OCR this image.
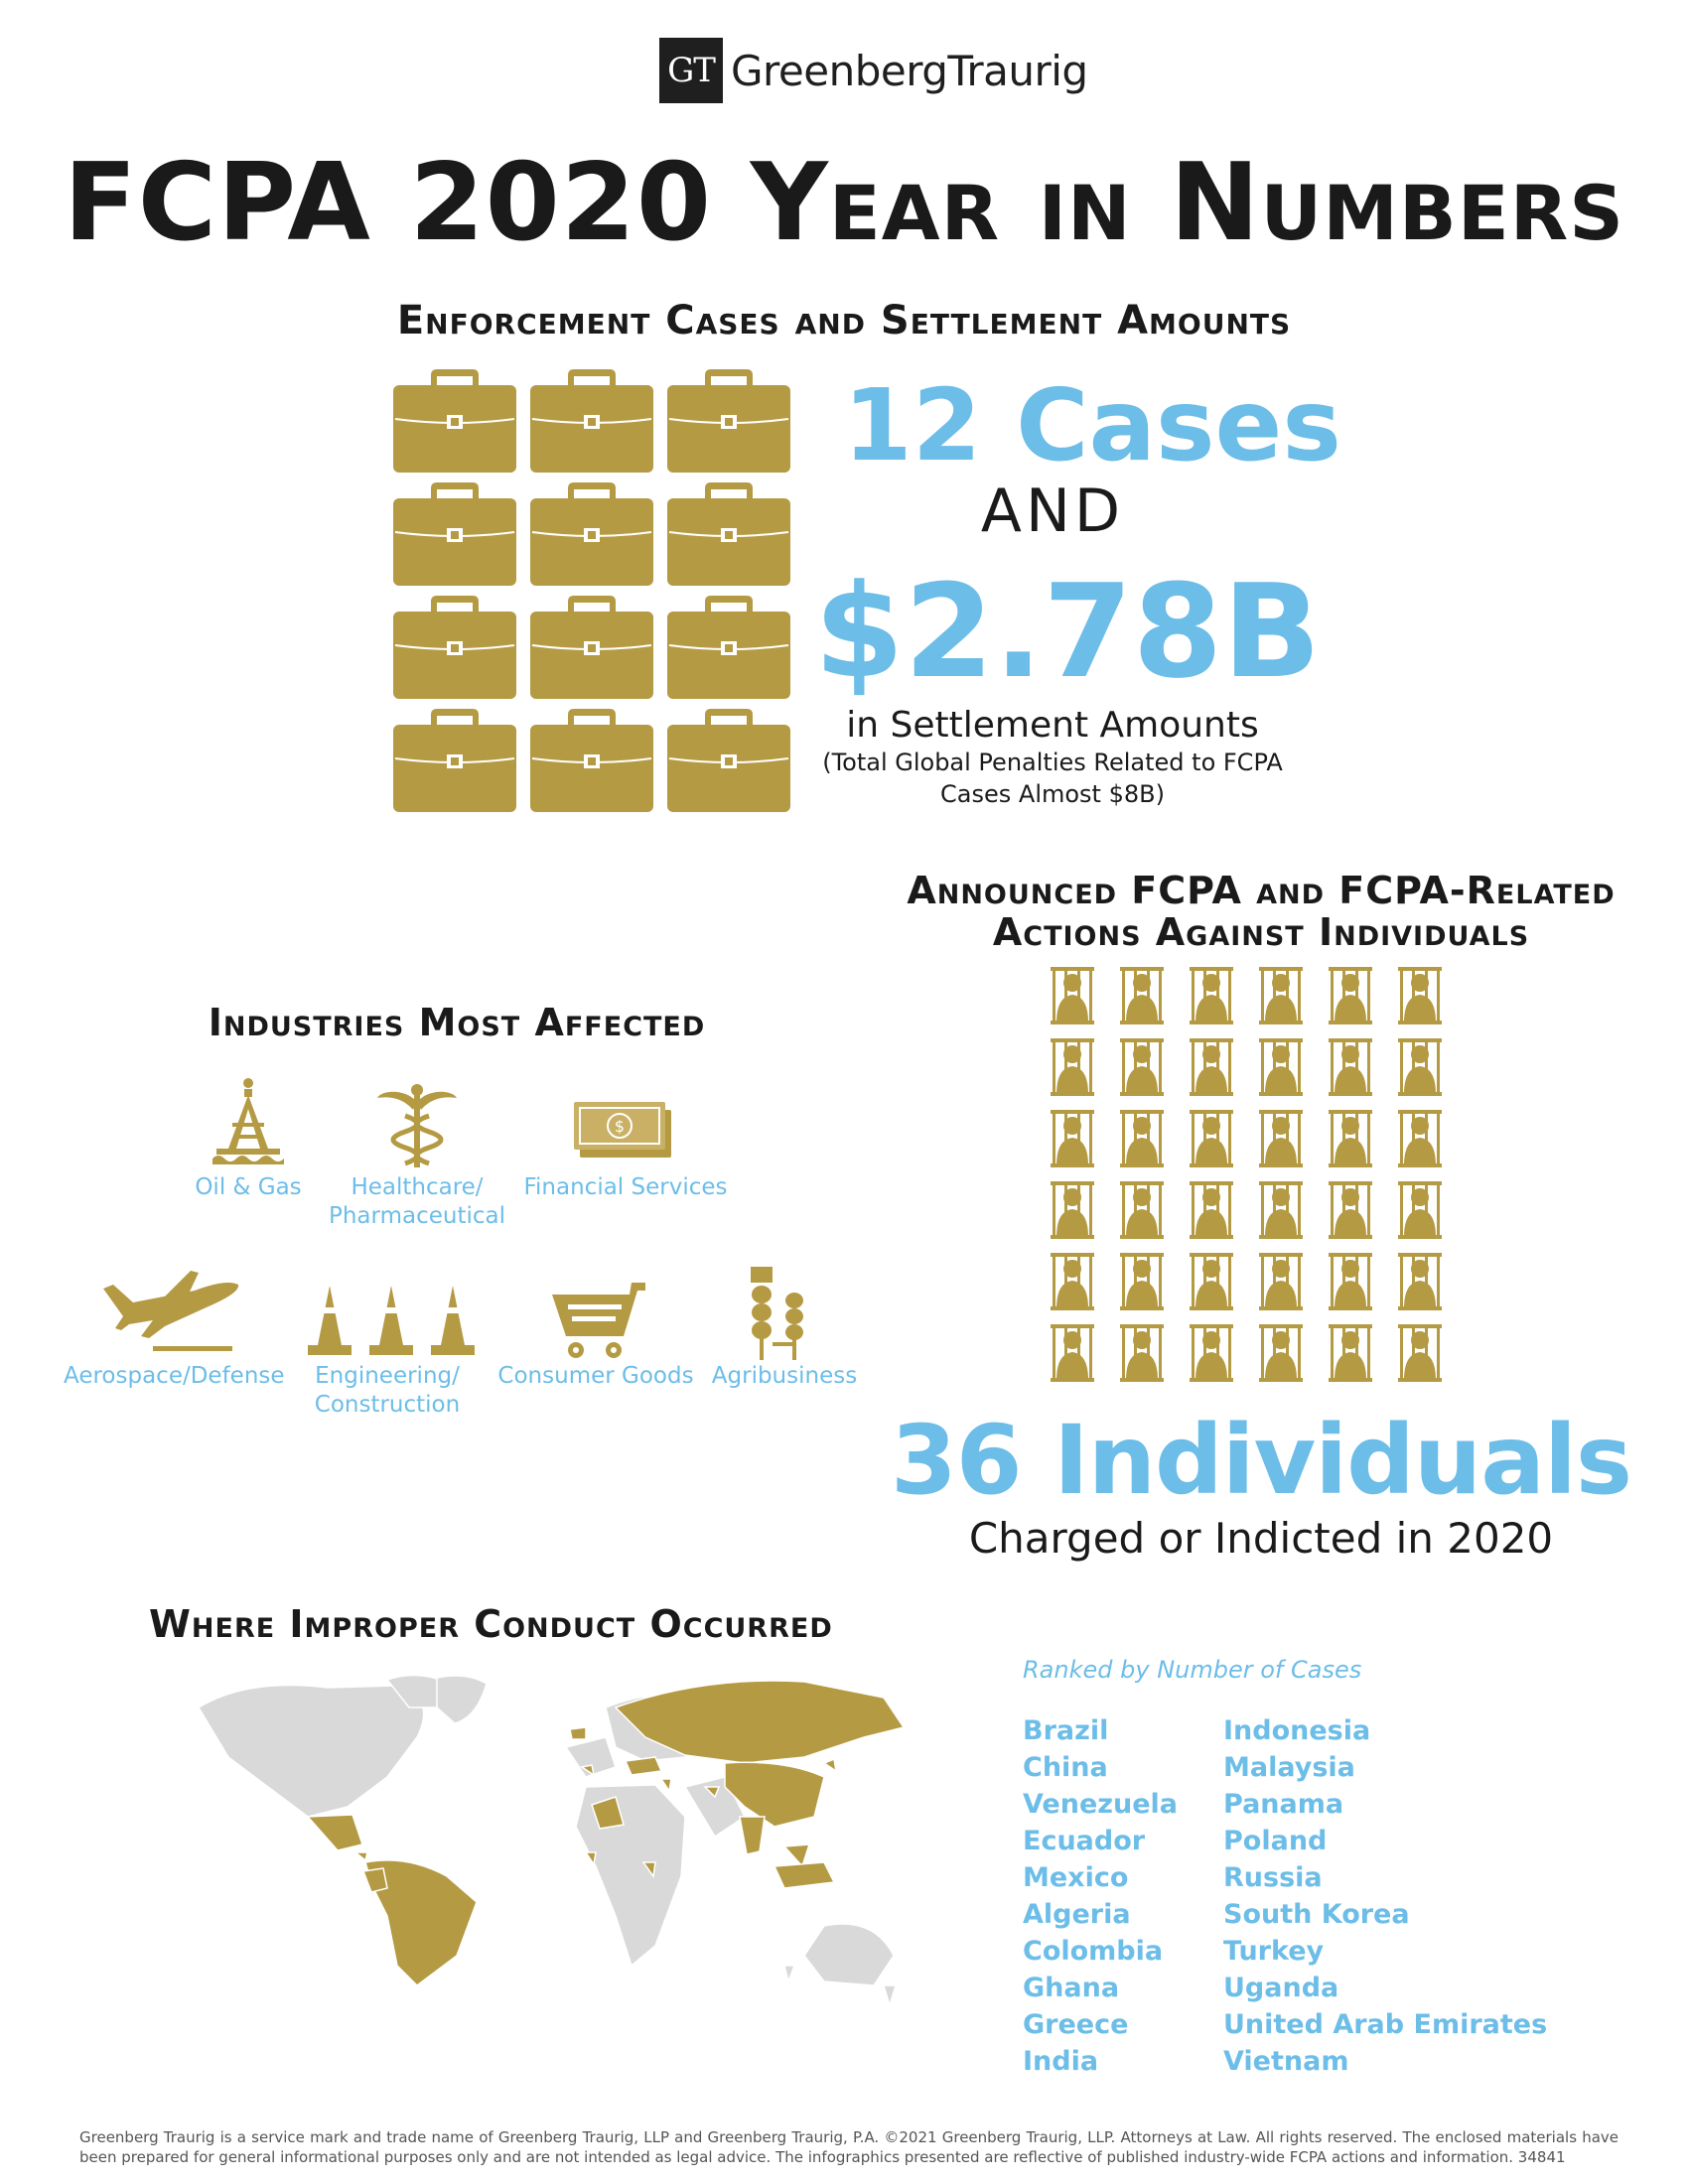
GT GreenbergTraurig
FCPA 2020 Year in Numbers
Enforcement Cases and Settlement Amounts
12 Cases
AND
$2.78B
in Settlement Amounts
(Total Global Penalties Related to FCPA Cases Almost $8B)
Announced FCPA and FCPA-Related Actions Against Individuals
36 Individuals
Charged or Indicted in 2020
Industries Most Affected
Oil & Gas	Healthcare/ Pharmaceutical
$
Financial Services
Aerospace/Defense	Engineering/ Construction
Consumer Goods Agribusiness
Where Improper Conduct Occurred
Ranked by Number of Cases
Brazil
China
Venezuela
Ecuador
Mexico
Algeria
Colombia
Ghana
Greece
India
Indonesia
Malaysia
Panama
Poland
Russia
South Korea
Turkey
Uganda
United Arab Emirates
Vietnam
Greenberg Traurig is a service mark and trade name of Greenberg Traurig, LLP and Greenberg Traurig, P.A. ©2021 Greenberg Traurig, LLP. Attorneys at Law. All rights reserved. The enclosed materials have been prepared for general informational purposes only and are not intended as legal advice. The infographics presented are reflective of published industry-wide FCPA actions and information. 34841
